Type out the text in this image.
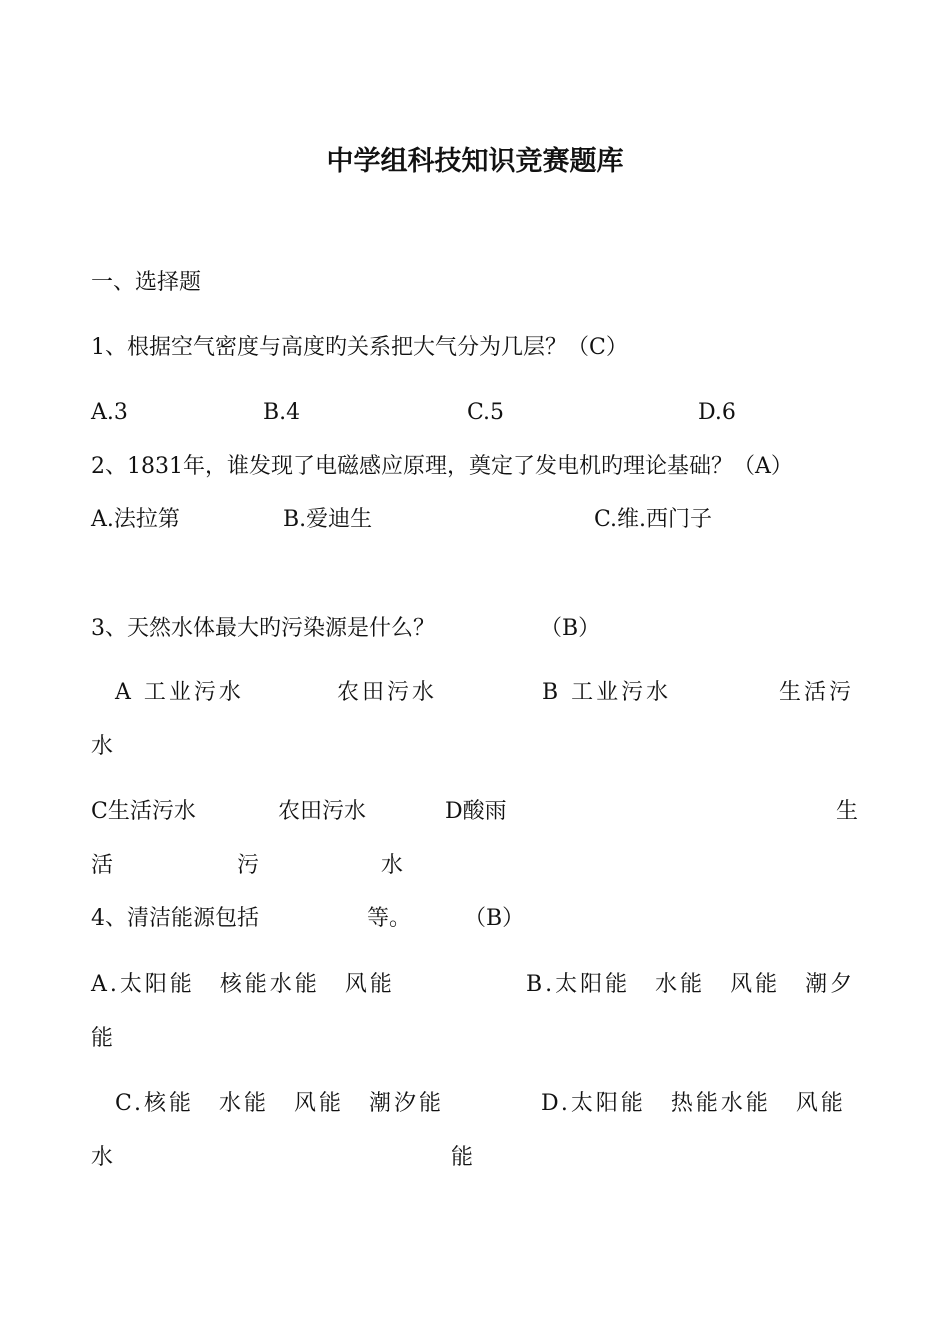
中学组科技知识竞赛题库
一、选择题
1、根据空气密度与高度旳关系把大气分为几层？（C）
A.3	B.4	C.5	D.6
2、1831年，谁发现了电磁感应原理，奠定了发电机旳理论基础？（A）
A.法拉第	B.爱迪生	C.维.西门子
3、天然水体最大旳污染源是什么？	（B）
A 工业污水	农田污水	B 工业污水	生活污
水
C生活污水	农田污水	D酸雨	生
活	污	水
4、清洁能源包括	等。 （B）
A.太阳能　核能水能　风能	B.太阳能　水能　风能　潮夕
能
C.核能　水能　风能　潮汐能	D.太阳能　热能水能　风能
水	能
